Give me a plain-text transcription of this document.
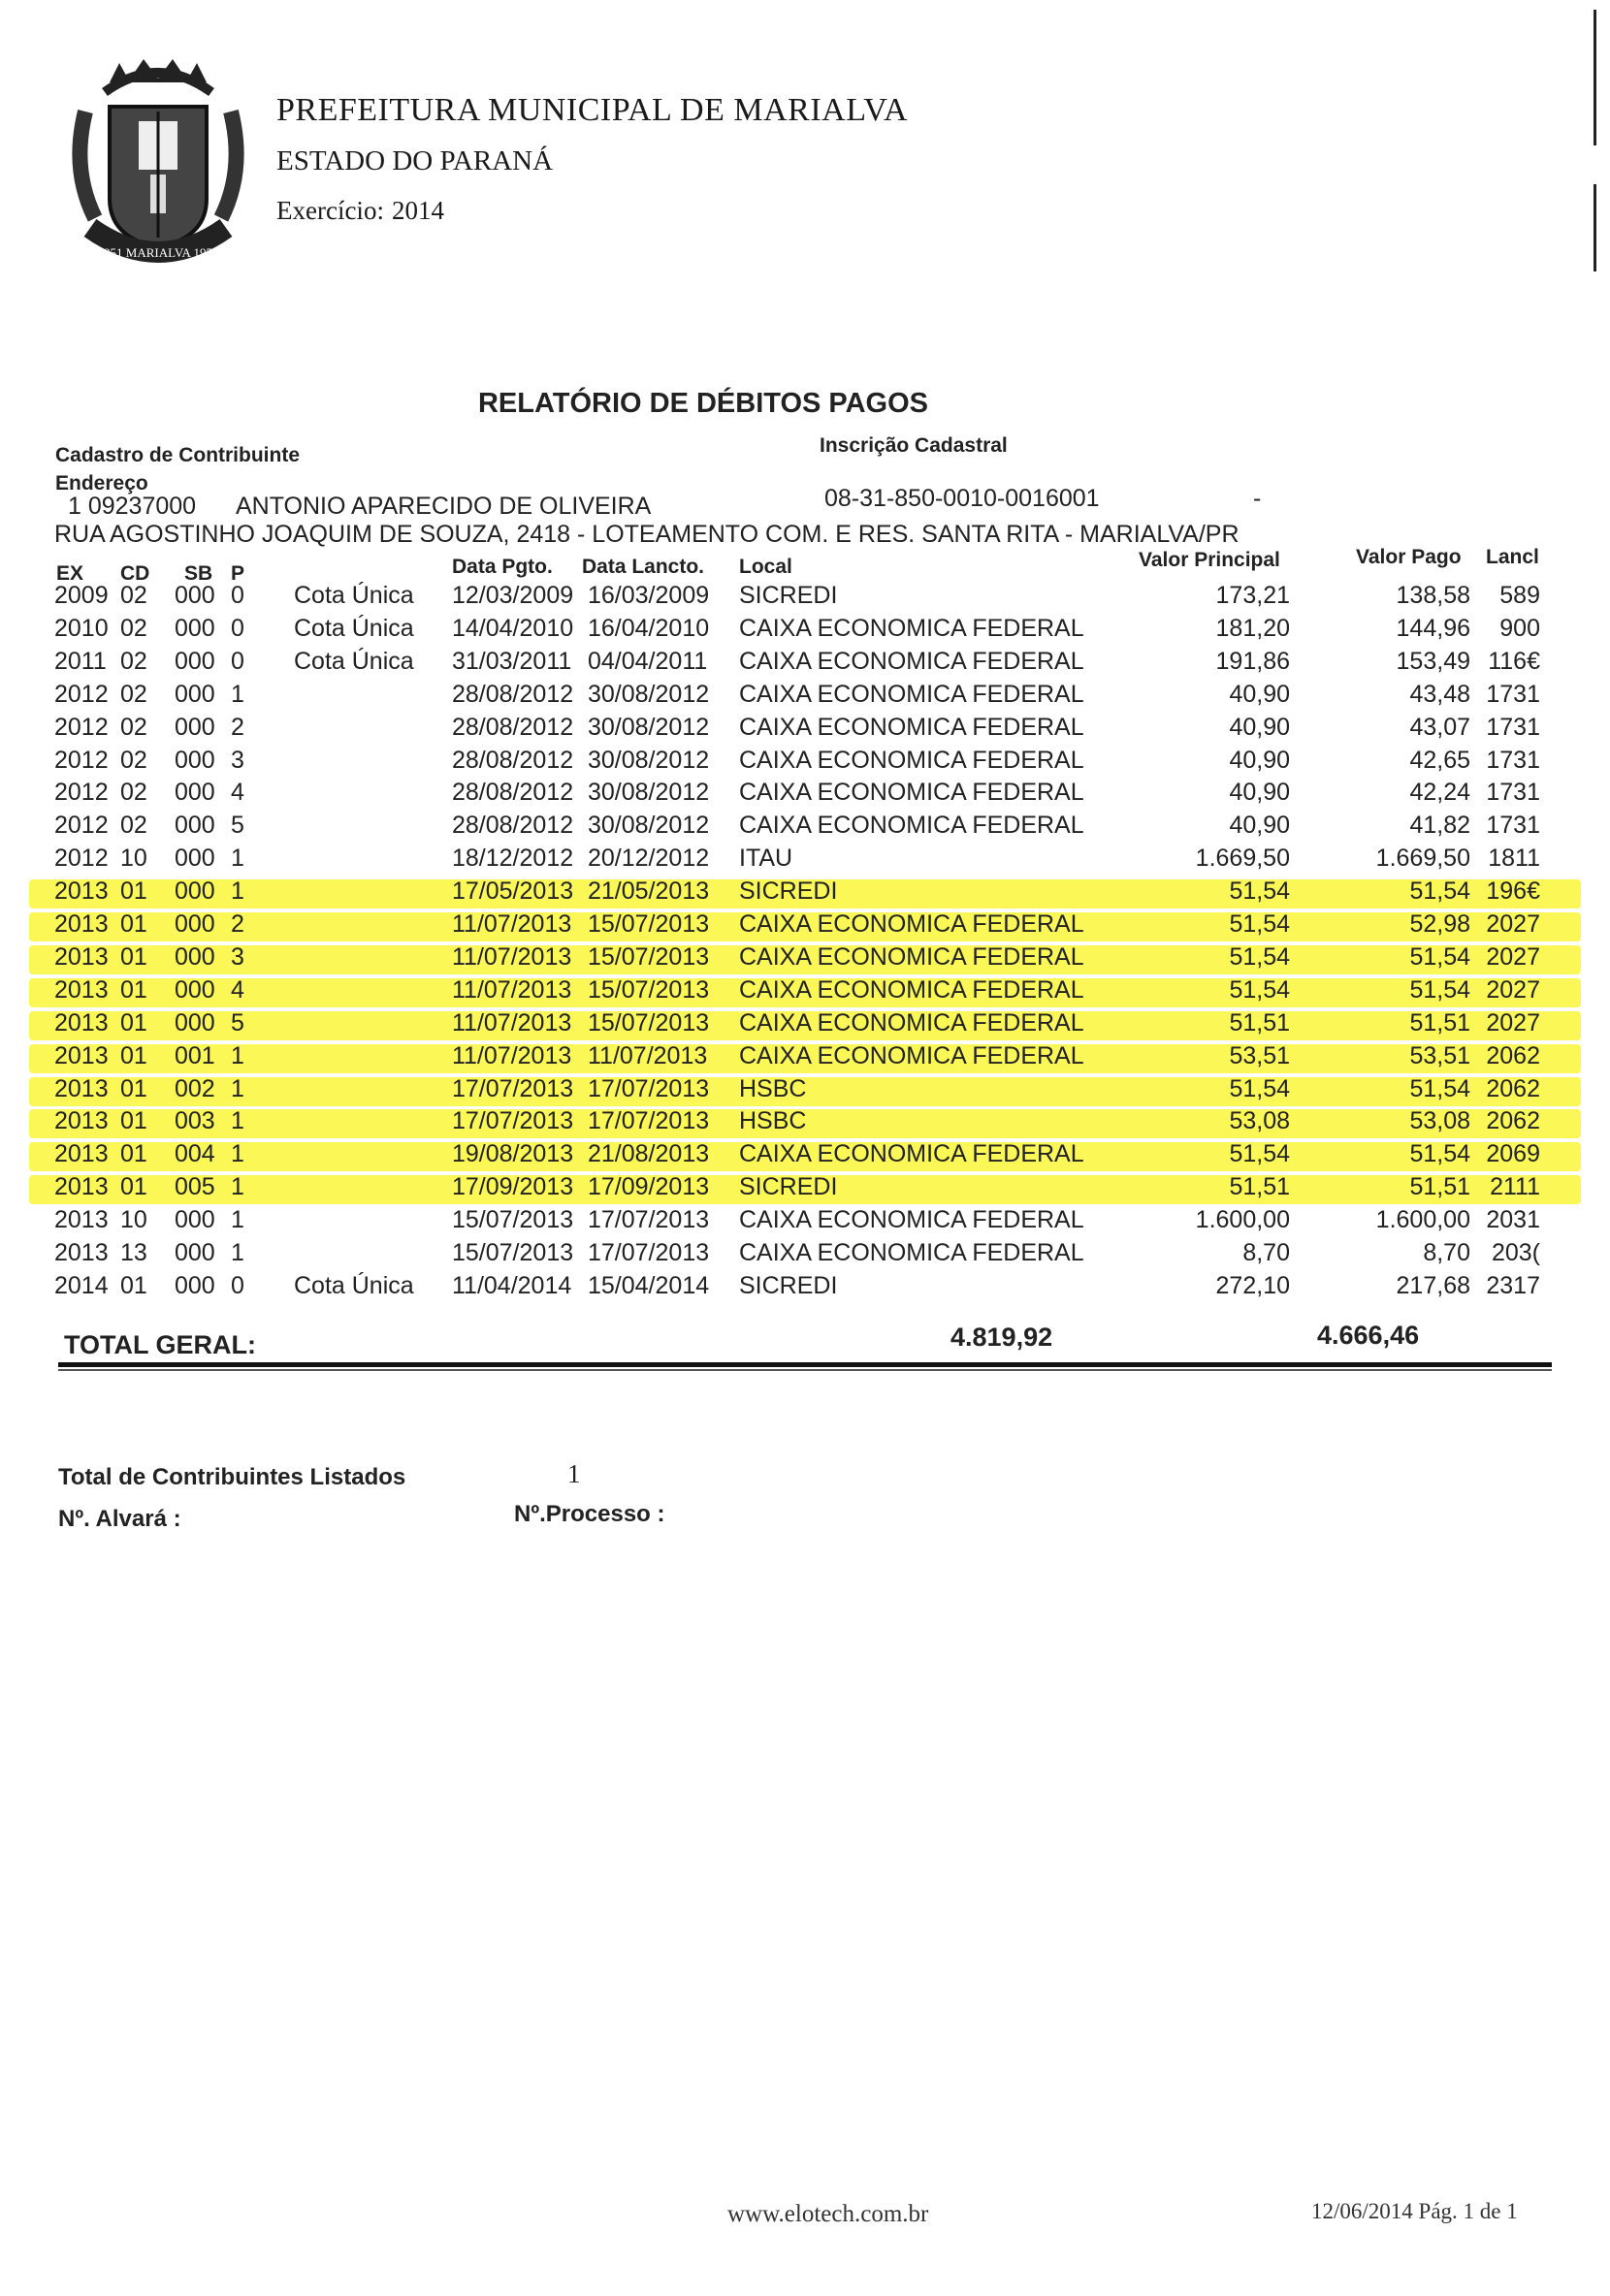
1951 MARIALVA 1952
PREFEITURA MUNICIPAL DE MARIALVA
ESTADO DO PARANÁ
Exercício: 2014
RELATÓRIO DE DÉBITOS PAGOS
Cadastro de Contribuinte	Inscrição Cadastral
Endereço
1 09237000 ANTONIO APARECIDO DE OLIVEIRA	08-31-850-0010-0016001	-
RUA AGOSTINHO JOAQUIM DE SOUZA, 2418 - LOTEAMENTO COM. E RES. SANTA RITA - MARIALVA/PR
EX CD SB P	Data Pgto. Data Lancto. Local	Valor Principal	Valor Pago Lancl
2009 02 000 0 Cota Única 12/03/2009 16/03/2009 SICREDI	173,21	138,58 589
2010 02 000 0 Cota Única 14/04/2010 16/04/2010 CAIXA ECONOMICA FEDERAL	181,20	144,96 900
2011 02 000 0 Cota Única 31/03/2011 04/04/2011 CAIXA ECONOMICA FEDERAL	191,86	153,49 116€
2012 02 000 1	28/08/2012 30/08/2012 CAIXA ECONOMICA FEDERAL	40,90	43,48 1731
2012 02 000 2	28/08/2012 30/08/2012 CAIXA ECONOMICA FEDERAL	40,90	43,07 1731
2012 02 000 3	28/08/2012 30/08/2012 CAIXA ECONOMICA FEDERAL	40,90	42,65 1731
2012 02 000 4	28/08/2012 30/08/2012 CAIXA ECONOMICA FEDERAL	40,90	42,24 1731
2012 02 000 5	28/08/2012 30/08/2012 CAIXA ECONOMICA FEDERAL	40,90	41,82 1731
2012 10 000 1	18/12/2012 20/12/2012 ITAU	1.669,50	1.669,50 1811
2013 01 000 1	17/05/2013 21/05/2013 SICREDI	51,54	51,54 196€
2013 01 000 2	11/07/2013 15/07/2013 CAIXA ECONOMICA FEDERAL	51,54	52,98 2027
2013 01 000 3	11/07/2013 15/07/2013 CAIXA ECONOMICA FEDERAL	51,54	51,54 2027
2013 01 000 4	11/07/2013 15/07/2013 CAIXA ECONOMICA FEDERAL	51,54	51,54 2027
2013 01 000 5	11/07/2013 15/07/2013 CAIXA ECONOMICA FEDERAL	51,51	51,51 2027
2013 01 001 1	11/07/2013 11/07/2013 CAIXA ECONOMICA FEDERAL	53,51	53,51 2062
2013 01 002 1	17/07/2013 17/07/2013 HSBC	51,54	51,54 2062
2013 01 003 1	17/07/2013 17/07/2013 HSBC	53,08	53,08 2062
2013 01 004 1	19/08/2013 21/08/2013 CAIXA ECONOMICA FEDERAL	51,54	51,54 2069
2013 01 005 1	17/09/2013 17/09/2013 SICREDI	51,51	51,51 2111
2013 10 000 1	15/07/2013 17/07/2013 CAIXA ECONOMICA FEDERAL	1.600,00	1.600,00 2031
2013 13 000 1	15/07/2013 17/07/2013 CAIXA ECONOMICA FEDERAL	8,70	8,70 203(
2014 01 000 0 Cota Única 11/04/2014 15/04/2014 SICREDI	272,10	217,68 2317
TOTAL GERAL:	4.819,92	4.666,46
Total de Contribuintes Listados	1
Nº. Alvará :	Nº.Processo :
www.elotech.com.br	12/06/2014 Pág. 1 de 1
